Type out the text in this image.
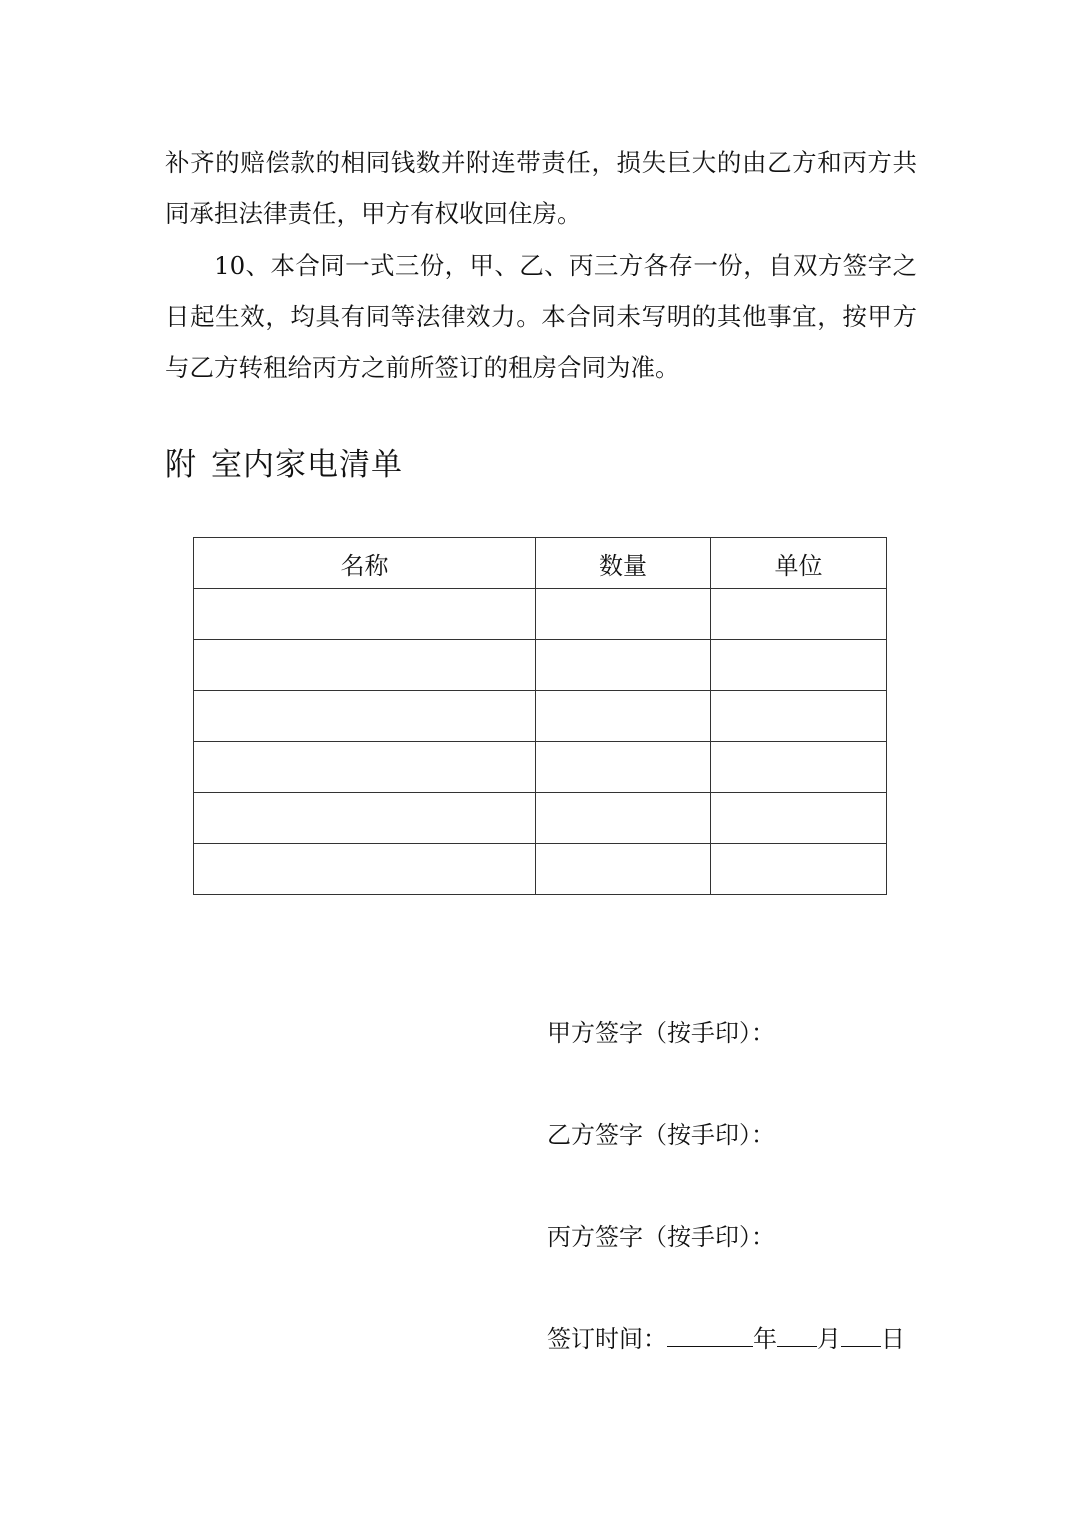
补齐的赔偿款的相同钱数并附连带责任，损失巨大的由乙方和丙方共同承担法律责任，甲方有权收回住房。

10、本合同一式三份，甲、乙、丙三方各存一份，自双方签字之日起生效，均具有同等法律效力。本合同未写明的其他事宜，按甲方与乙方转租给丙方之前所签订的租房合同为准。

附 室内家电清单
名称	数量	单位

甲方签字（按手印）：

乙方签字（按手印）：

丙方签字（按手印）：

签订时间：	年 月 日
